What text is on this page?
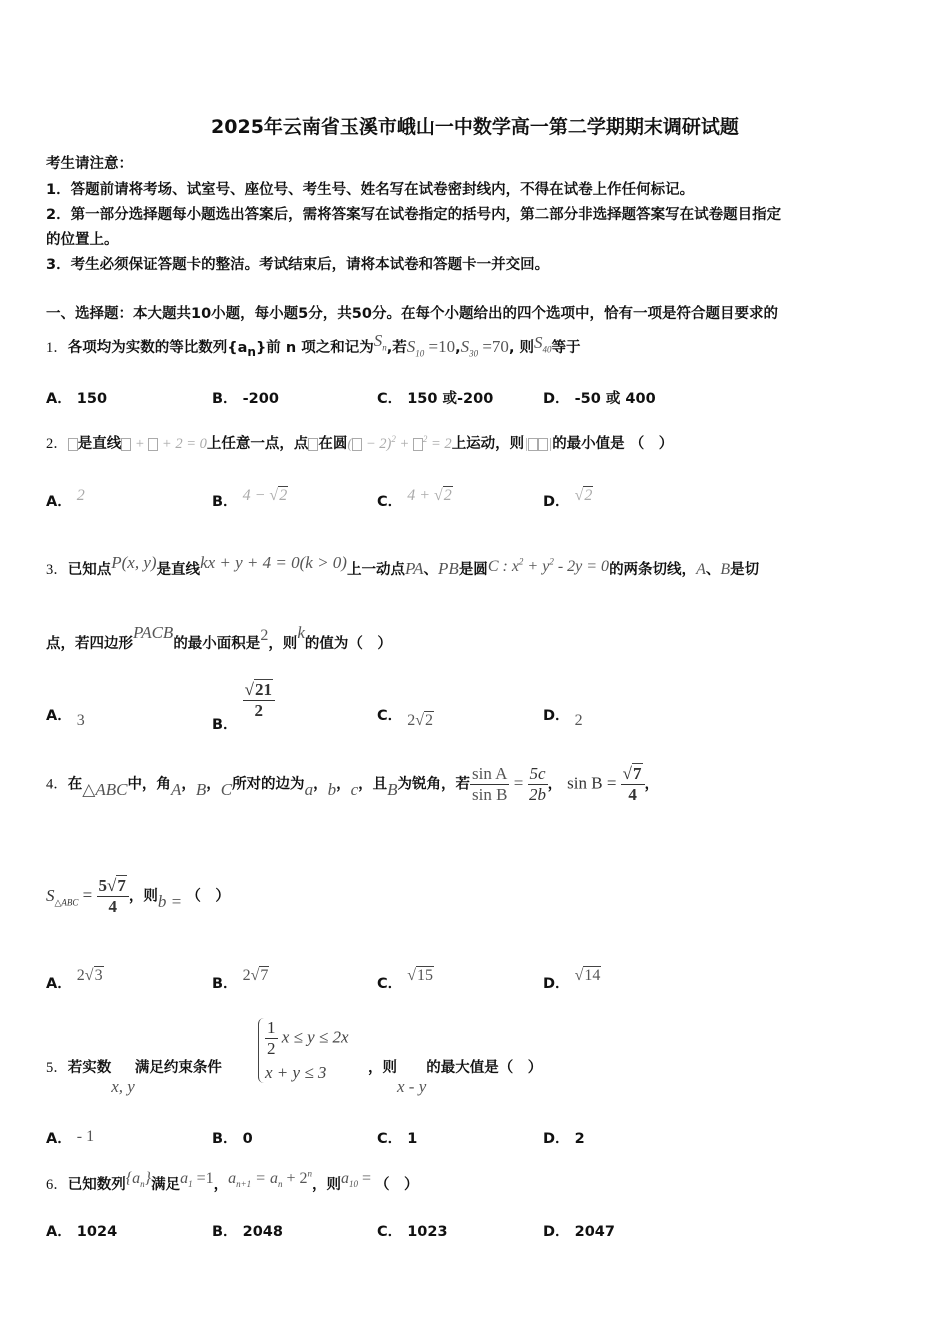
2025年云南省玉溪市峨山一中数学高一第二学期期末调研试题
考生请注意：
1．答题前请将考场、试室号、座位号、考生号、姓名写在试卷密封线内，不得在试卷上作任何标记。
2．第一部分选择题每小题选出答案后，需将答案写在试卷指定的括号内，第二部分非选择题答案写在试卷题目指定
的位置上。
3．考生必须保证答题卡的整洁。考试结束后，请将本试卷和答题卡一并交回。
一、选择题：本大题共10小题，每小题5分，共50分。在每个小题给出的四个选项中，恰有一项是符合题目要求的
1．各项均为实数的等比数列$\{a_n\}$前 n 项之和记为$S_n$,若$S_{10} =10,S_{30} =70$, 则$S_{40}$等于
A． 150	B． -200	C． 150 或-200	D． -50 或 400
2． 是直线 +  + 2 = 0上任意一点，点 在圆( − 2)$^2$ + $^2$ = 2上运动，则| |的最小值是 （　）
A． 2	B． 4 − √2	C． 4 + √2	D． √2
3．已知点P(x, y)是直线kx + y + 4 = 0(k > 0)上一动点PA、PB是圆C : $x^2 + y^2 - 2y = 0$的两条切线，A、B是切
点，若四边形PACB的最小面积是2，则k的值为（　）
A． 3	B．
$\frac{√21}{2}$	C． 2√2	D． 2
4．在△ABC中，角A，B，C所对的边为a，b，c，且B为锐角，若 $\frac{\text{sin A}}{\text{sin B}} = \frac{5c}{2b}$ ， $\sin B = \frac{√7}{4}$ ，
$S_{\triangle ABC} = \frac{5√7}{4}$ ，则b = （　）
A． 2√3	B． 2√7	C． √15	D． √14
5．若实数x, y满足约束条件
$\frac{1}{2}$ x ≤ y ≤ 2x
x + y ≤ 3	，则x - y的最大值是（　）
A． - 1	B． 0	C． 1	D． 2
6．已知数列$\{a_n\}$满足$a_1 =1$，$a_{n+1} = a_n + 2^n$，则$a_{10}$ = （　）
A． 1024	B． 2048	C． 1023	D． 2047
